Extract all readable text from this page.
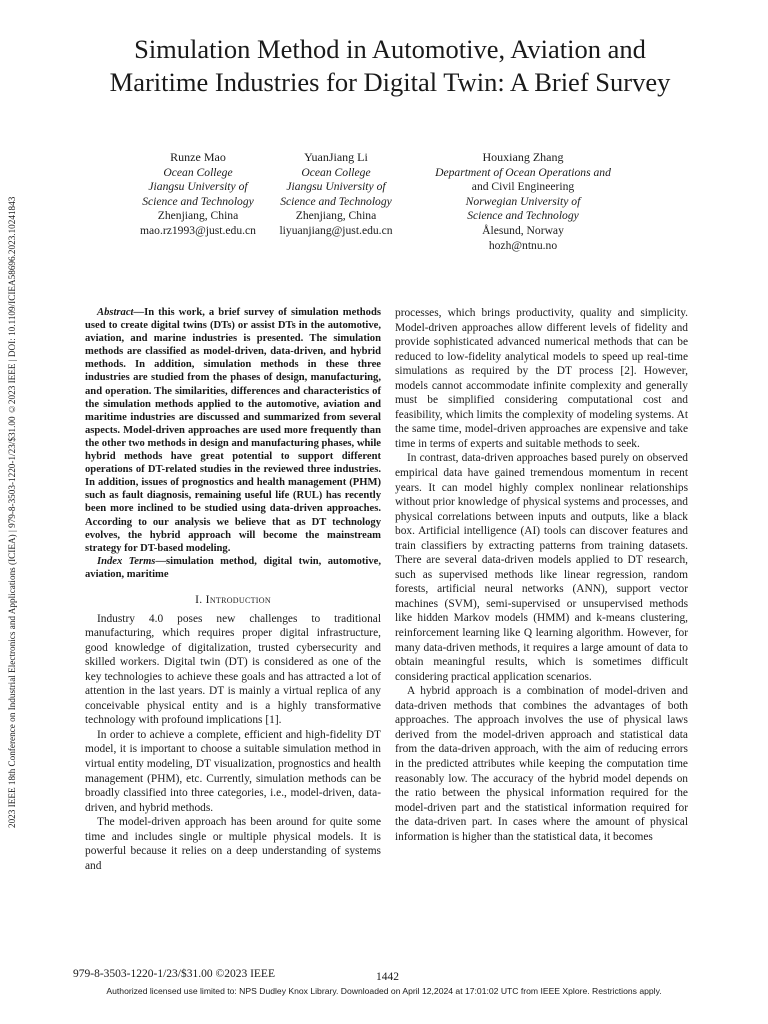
2023 IEEE 18th Conference on Industrial Electronics and Applications (ICIEA) | 979-8-3503-1220-1/23/$31.00 ©2023 IEEE | DOI: 10.1109/ICIEA58696.2023.10241843
Simulation Method in Automotive, Aviation and Maritime Industries for Digital Twin: A Brief Survey
Runze Mao
Ocean College
Jiangsu University of
Science and Technology
Zhenjiang, China
mao.rz1993@just.edu.cn
YuanJiang Li
Ocean College
Jiangsu University of
Science and Technology
Zhenjiang, China
liyuanjiang@just.edu.cn
Houxiang Zhang
Department of Ocean Operations and
and Civil Engineering
Norwegian University of
Science and Technology
Ålesund, Norway
hozh@ntnu.no

Abstract—In this work, a brief survey of simulation methods used to create digital twins (DTs) or assist DTs in the automotive, aviation, and marine industries is presented. The simulation methods are classified as model-driven, data-driven, and hybrid methods. In addition, simulation methods in these three industries are studied from the phases of design, manufacturing, and operation. The similarities, differences and characteristics of the simulation methods applied to the automotive, aviation and maritime industries are discussed and summarized from several aspects. Model-driven approaches are used more frequently than the other two methods in design and manufacturing phases, while hybrid methods have great potential to support different operations of DT-related studies in the reviewed three industries. In addition, issues of prognostics and health management (PHM) such as fault diagnosis, remaining useful life (RUL) has recently been more inclined to be studied using data-driven approaches. According to our analysis we believe that as DT technology evolves, the hybrid approach will become the mainstream strategy for DT-based modeling.

Index Terms—simulation method, digital twin, automotive, aviation, maritime

I. Introduction

Industry 4.0 poses new challenges to traditional manufacturing, which requires proper digital infrastructure, good knowledge of digitalization, trusted cybersecurity and skilled workers. Digital twin (DT) is considered as one of the key technologies to achieve these goals and has attracted a lot of attention in the last years. DT is mainly a virtual replica of any conceivable physical entity and is a highly transformative technology with profound implications [1].

In order to achieve a complete, efficient and high-fidelity DT model, it is important to choose a suitable simulation method in virtual entity modeling, DT visualization, prognostics and health management (PHM), etc. Currently, simulation methods can be broadly classified into three categories, i.e., model-driven, data-driven, and hybrid methods.

The model-driven approach has been around for quite some time and includes single or multiple physical models. It is powerful because it relies on a deep understanding of systems and

processes, which brings productivity, quality and simplicity. Model-driven approaches allow different levels of fidelity and provide sophisticated advanced numerical methods that can be reduced to low-fidelity analytical models to speed up real-time simulations as required by the DT process [2]. However, models cannot accommodate infinite complexity and generally must be simplified considering computational cost and feasibility, which limits the complexity of modeling systems. At the same time, model-driven approaches are expensive and take time in terms of experts and suitable methods to seek.

In contrast, data-driven approaches based purely on observed empirical data have gained tremendous momentum in recent years. It can model highly complex nonlinear relationships without prior knowledge of physical systems and processes, and physical correlations between inputs and outputs, like a black box. Artificial intelligence (AI) tools can discover features and train classifiers by extracting patterns from training datasets. There are several data-driven models applied to DT research, such as supervised methods like linear regression, random forests, artificial neural networks (ANN), support vector machines (SVM), semi-supervised or unsupervised methods like hidden Markov models (HMM) and k-means clustering, reinforcement learning like Q learning algorithm. However, for many data-driven methods, it requires a large amount of data to obtain meaningful results, which is sometimes difficult considering practical application scenarios.

A hybrid approach is a combination of model-driven and data-driven methods that combines the advantages of both approaches. The approach involves the use of physical laws derived from the model-driven approach and statistical data from the data-driven approach, with the aim of reducing errors in the predicted attributes while keeping the computation time reasonably low. The accuracy of the hybrid model depends on the ratio between the physical information required for the model-driven part and the statistical information required for the data-driven part. In cases where the amount of physical information is higher than the statistical data, it becomes

979-8-3503-1220-1/23/$31.00 ©2023 IEEE	1442
Authorized licensed use limited to: NPS Dudley Knox Library. Downloaded on April 12,2024 at 17:01:02 UTC from IEEE Xplore. Restrictions apply.
